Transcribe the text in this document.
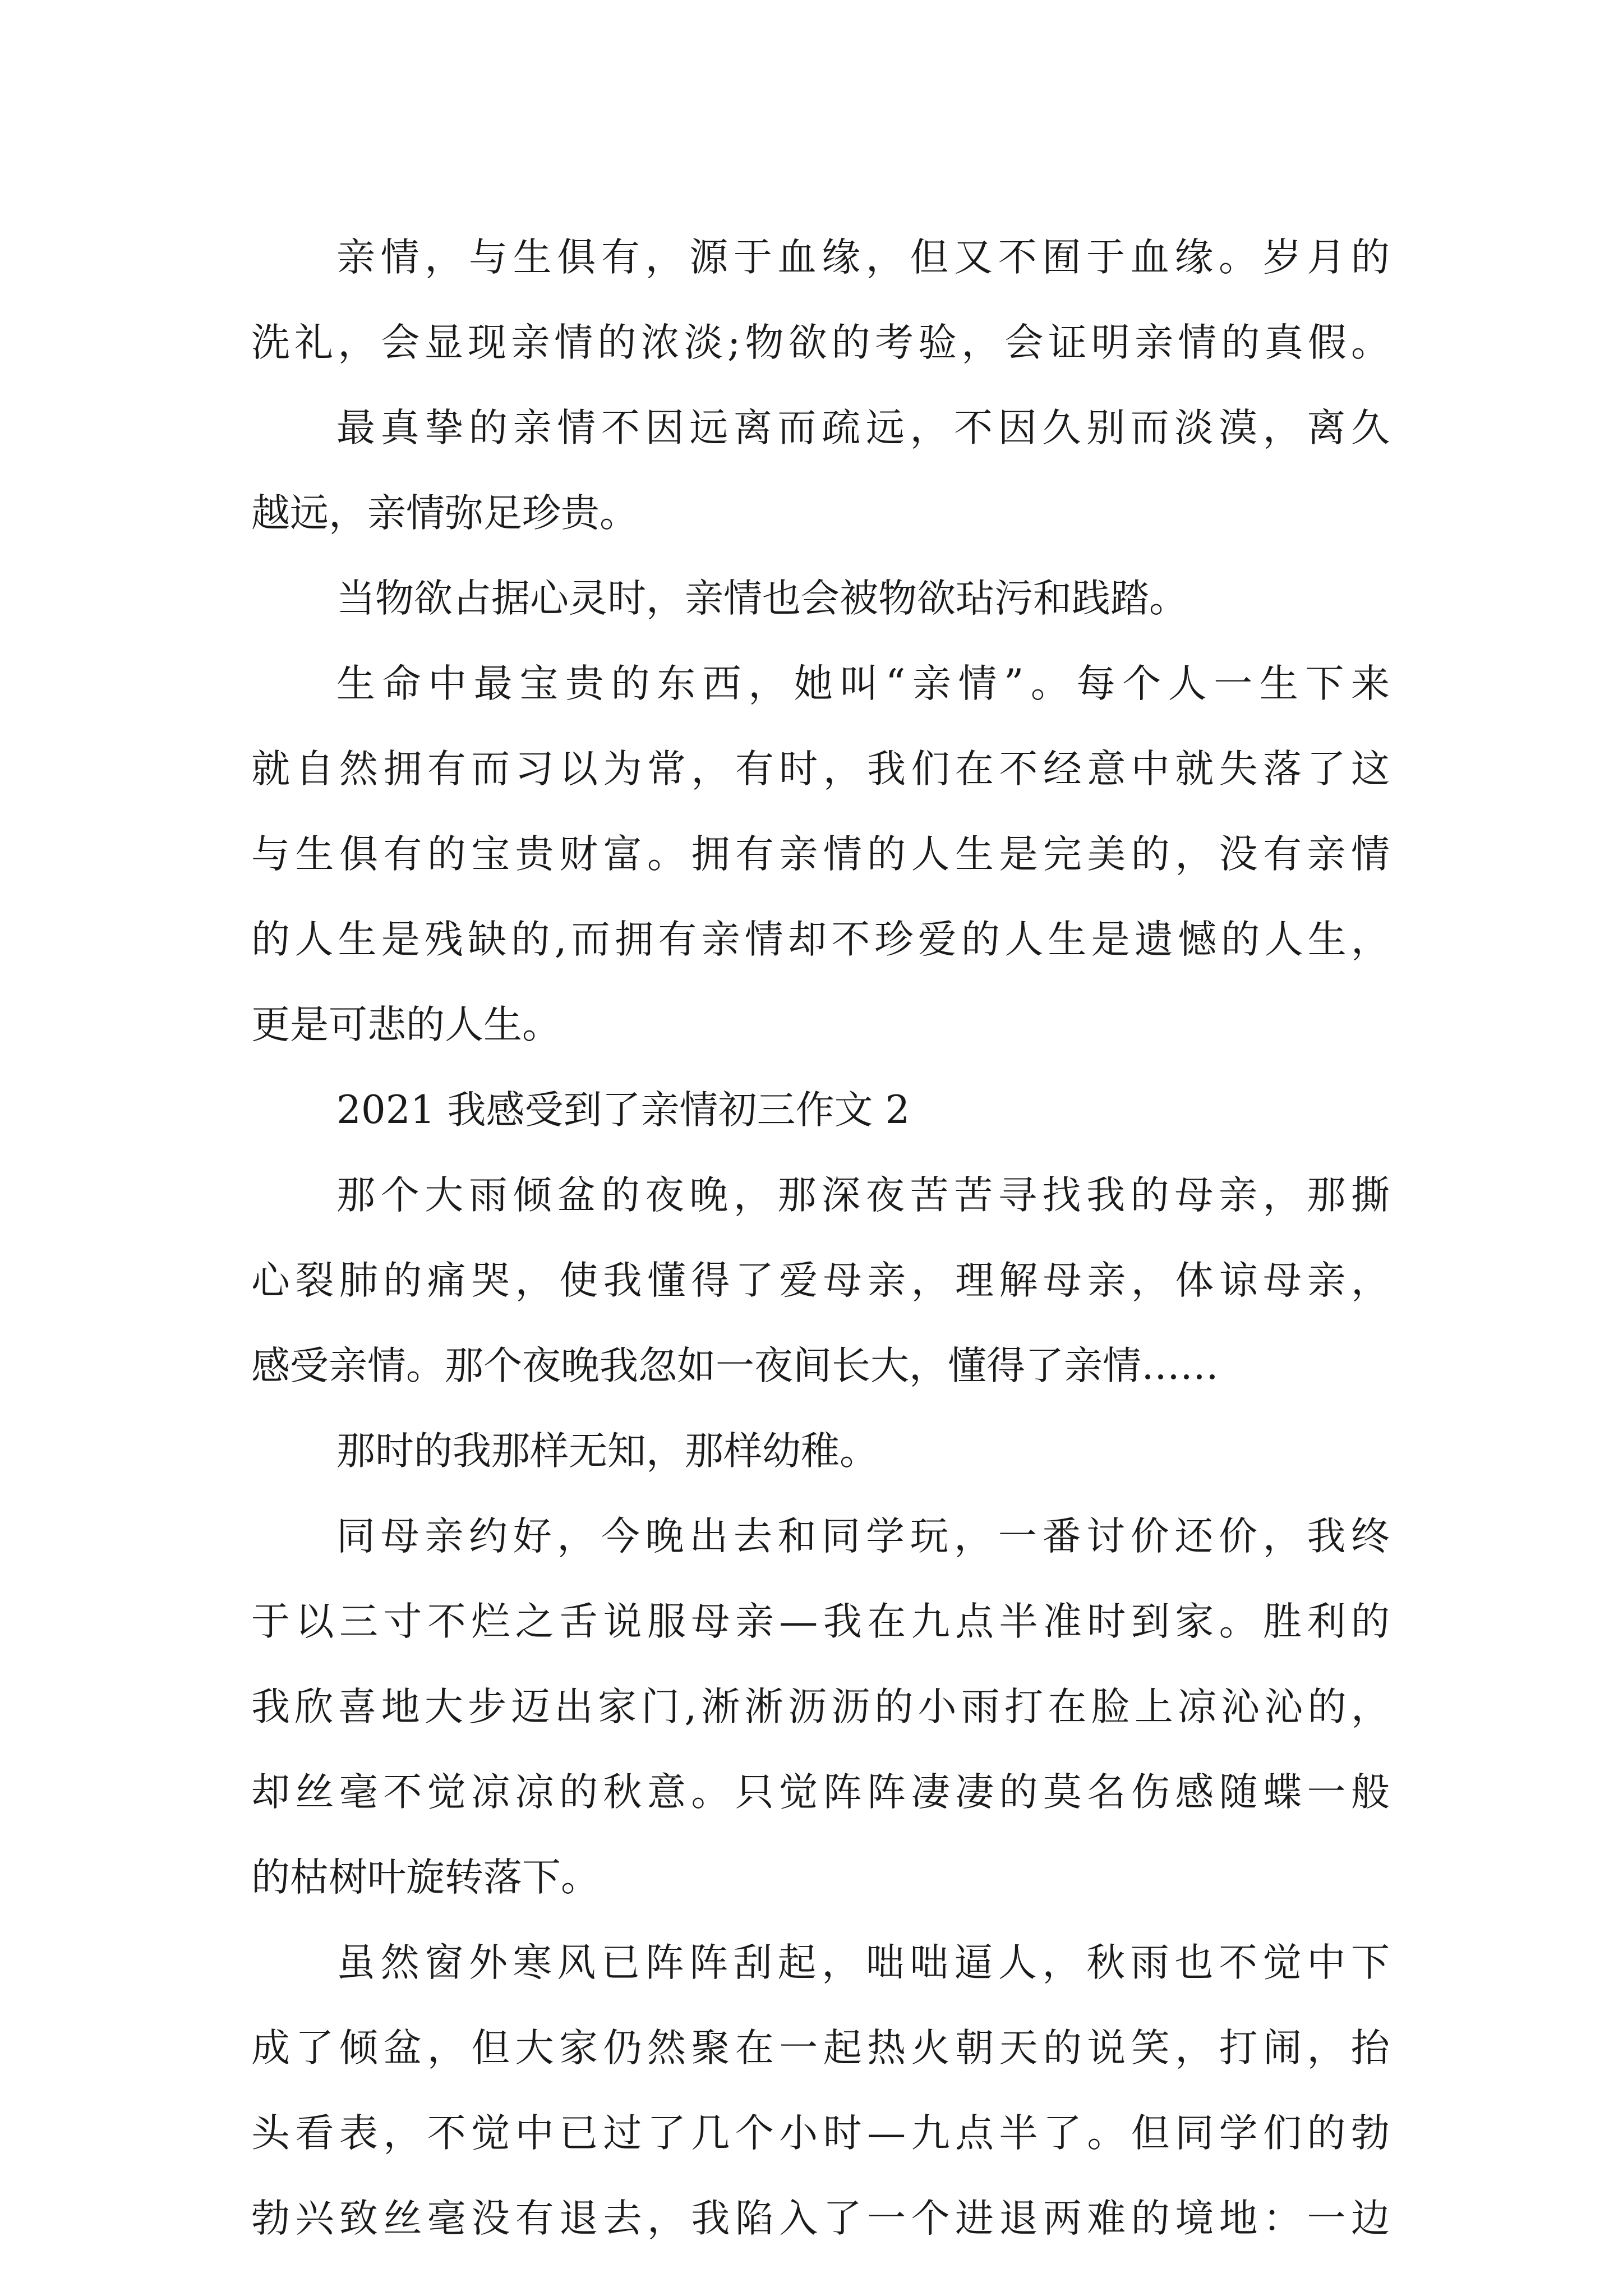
亲情，与生俱有，源于血缘，但又不囿于血缘。岁月的
洗礼，会显现亲情的浓淡;物欲的考验，会证明亲情的真假。
最真挚的亲情不因远离而疏远，不因久别而淡漠，离久
越远，亲情弥足珍贵。
当物欲占据心灵时，亲情也会被物欲玷污和践踏。
生命中最宝贵的东西，她叫“亲情”。每个人一生下来
就自然拥有而习以为常，有时，我们在不经意中就失落了这
与生俱有的宝贵财富。拥有亲情的人生是完美的，没有亲情
的人生是残缺的,而拥有亲情却不珍爱的人生是遗憾的人生，
更是可悲的人生。
2021 我感受到了亲情初三作文 2
那个大雨倾盆的夜晚，那深夜苦苦寻找我的母亲，那撕
心裂肺的痛哭，使我懂得了爱母亲，理解母亲，体谅母亲，
感受亲情。那个夜晚我忽如一夜间长大，懂得了亲情……
那时的我那样无知，那样幼稚。
同母亲约好，今晚出去和同学玩，一番讨价还价，我终
于以三寸不烂之舌说服母亲—我在九点半准时到家。胜利的
我欣喜地大步迈出家门,淅淅沥沥的小雨打在脸上凉沁沁的，
却丝毫不觉凉凉的秋意。只觉阵阵凄凄的莫名伤感随蝶一般
的枯树叶旋转落下。
虽然窗外寒风已阵阵刮起，咄咄逼人，秋雨也不觉中下
成了倾盆，但大家仍然聚在一起热火朝天的说笑，打闹，抬
头看表，不觉中已过了几个小时—九点半了。但同学们的勃
勃兴致丝毫没有退去，我陷入了一个进退两难的境地：一边
